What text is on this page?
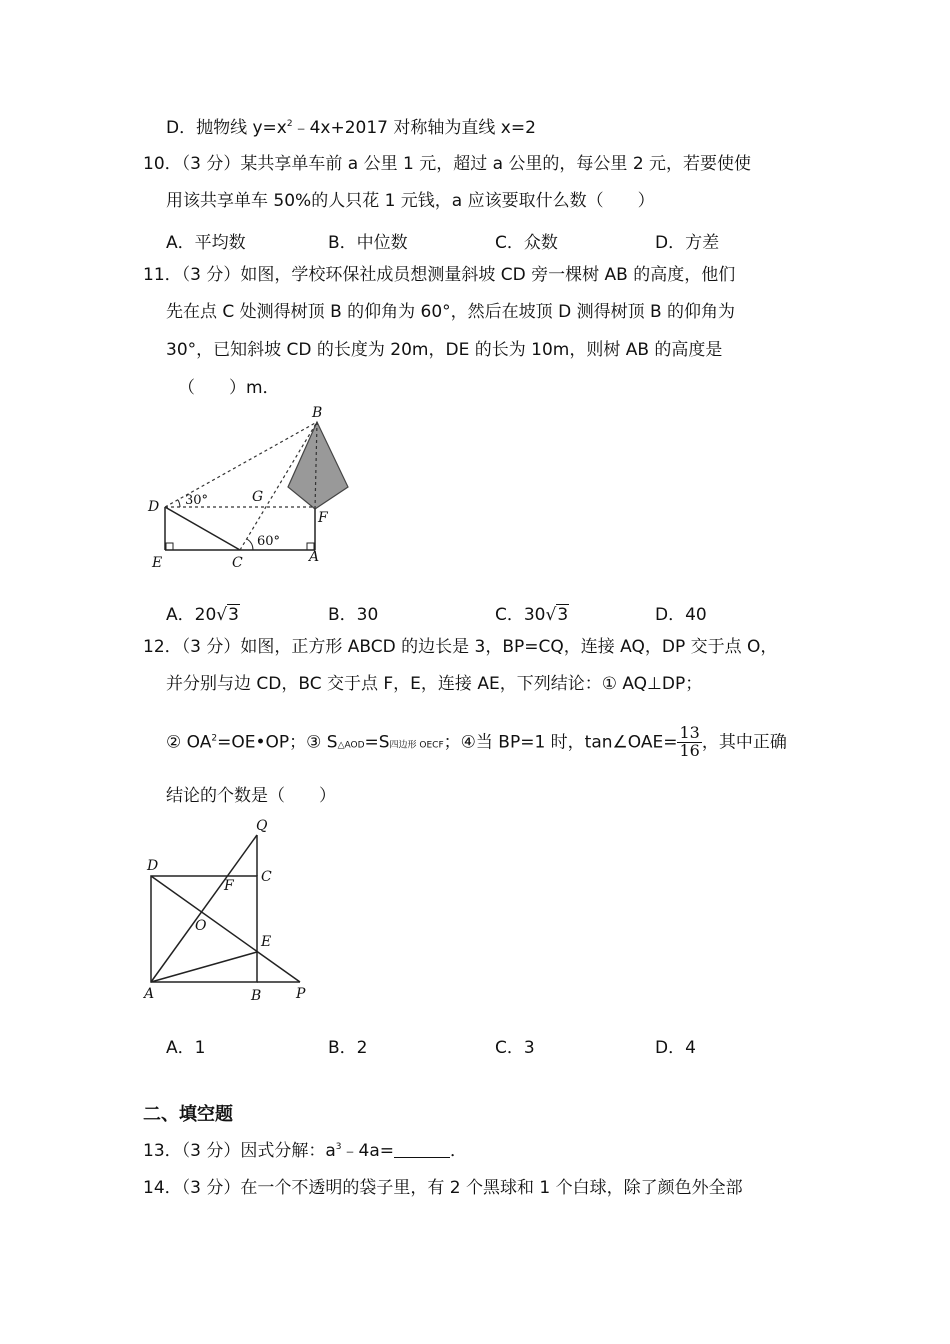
D．抛物线 $y=x^2﹣4x+2017$ 对称轴为直线 x=2
10．（3 分）某共享单车前 a 公里 1 元，超过 a 公里的，每公里 2 元，若要使使
用该共享单车 50%的人只花 1 元钱，a 应该要取什么数（　　）
A．平均数	B．中位数	C．众数	D．方差
11．（3 分）如图，学校环保社成员想测量斜坡 CD 旁一棵树 AB 的高度，他们
先在点 C 处测得树顶 B 的仰角为 60°，然后在坡顶 D 测得树顶 B 的仰角为
30°，已知斜坡 CD 的长度为 20m，DE 的长为 10m，则树 AB 的高度是
（　　）m．
B
D
G
F
E	C	A
30°
60°
A．20√3	B．30	C．30√3	D．40
12．（3 分）如图，正方形 ABCD 的边长是 3，BP=CQ，连接 AQ，DP 交于点 O，
并分别与边 CD，BC 交于点 F，E，连接 AE，下列结论：① AQ⊥DP；
② $OA^2=OE•OP$；③ S△AOD=S四边形 OECF；④当 BP=1 时，tan∠OAE= $\frac{13}{16}$ ，其中正确
结论的个数是（　　）
Q
D
C
F
O
E
A	B P
A．1	B．2	C．3	D．4
二、填空题
13．（3 分）因式分解：$a^3﹣4a=$	．
14．（3 分）在一个不透明的袋子里，有 2 个黑球和 1 个白球，除了颜色外全部
